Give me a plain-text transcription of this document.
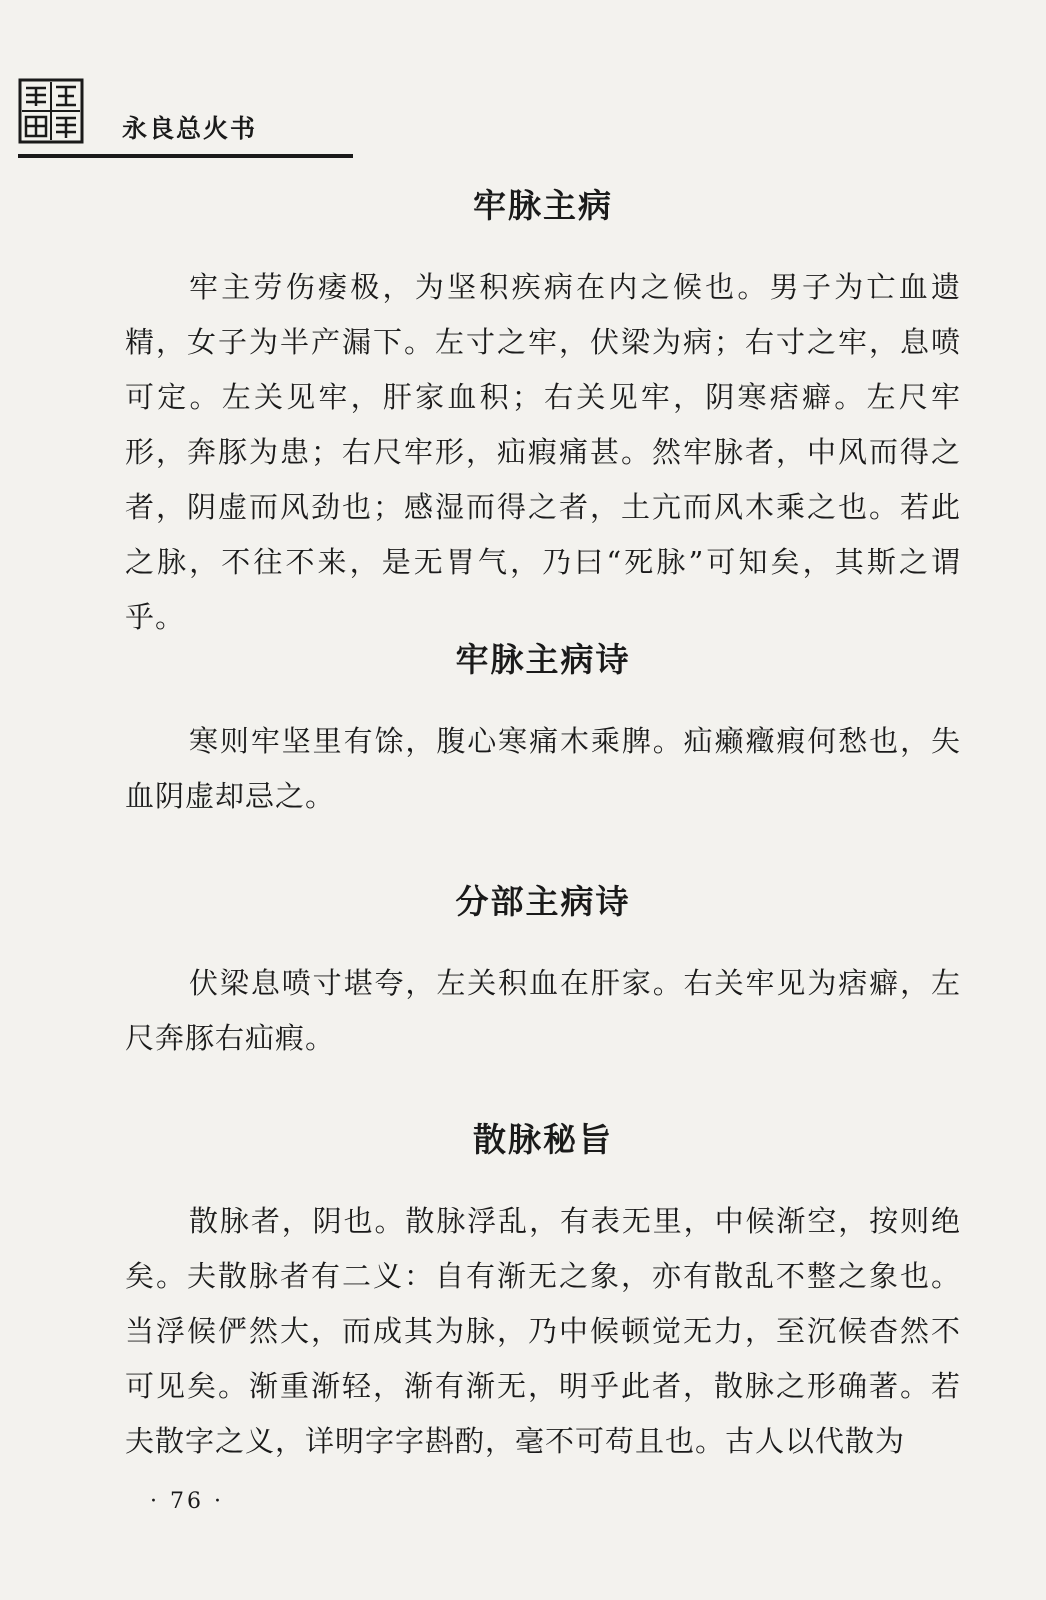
永良总火书
牢脉主病

牢主劳伤痿极，为坚积疾病在内之候也。男子为亡血遗精，女子为半产漏下。左寸之牢，伏梁为病；右寸之牢，息喷可定。左关见牢，肝家血积；右关见牢，阴寒痞癖。左尺牢形，奔豚为患；右尺牢形，疝瘕痛甚。然牢脉者，中风而得之者，阴虚而风劲也；感湿而得之者，土亢而风木乘之也。若此之脉，不往不来，是无胃气，乃曰“死脉”可知矣，其斯之谓乎。

牢脉主病诗

寒则牢坚里有馀，腹心寒痛木乘脾。疝癞癥瘕何愁也，失血阴虚却忌之。

分部主病诗

伏梁息喷寸堪夸，左关积血在肝家。右关牢见为痞癖，左尺奔豚右疝瘕。

散脉秘旨

散脉者，阴也。散脉浮乱，有表无里，中候渐空，按则绝矣。夫散脉者有二义：自有渐无之象，亦有散乱不整之象也。当浮候俨然大，而成其为脉，乃中候顿觉无力，至沉候杳然不可见矣。渐重渐轻，渐有渐无，明乎此者，散脉之形确著。若夫散字之义，详明字字斟酌，毫不可苟且也。古人以代散为

· 76 ·
